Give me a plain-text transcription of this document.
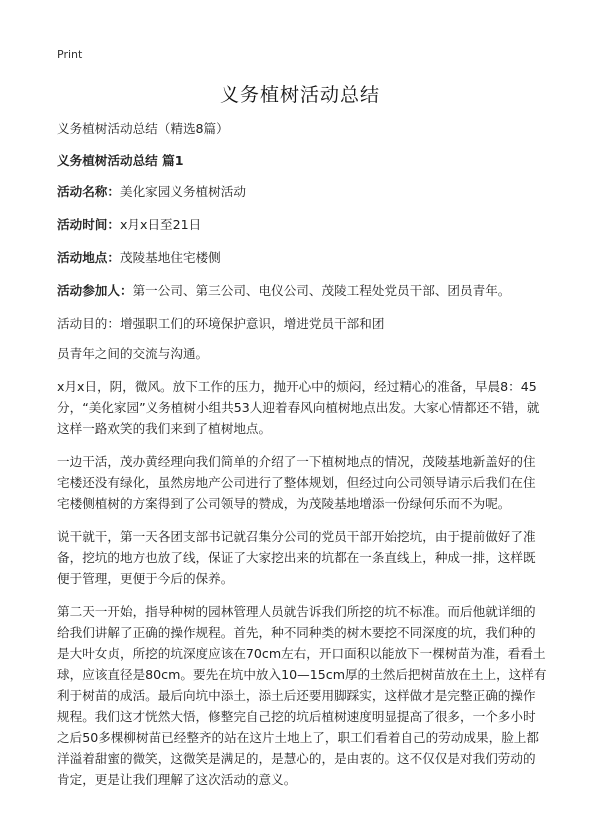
Print
义务植树活动总结

义务植树活动总结（精选8篇）

义务植树活动总结 篇1

活动名称：美化家园义务植树活动

活动时间：x月x日至21日

活动地点：茂陵基地住宅楼侧

活动参加人：第一公司、第三公司、电仪公司、茂陵工程处党员干部、团员青年。

活动目的：增强职工们的环境保护意识，增进党员干部和团

员青年之间的交流与沟通。

x月x日，阴，微风。放下工作的压力，抛开心中的烦闷，经过精心的准备，早晨8：45分，“美化家园”义务植树小组共53人迎着春风向植树地点出发。大家心情都还不错，就这样一路欢笑的我们来到了植树地点。

一边干活，茂办黄经理向我们简单的介绍了一下植树地点的情况，茂陵基地新盖好的住宅楼还没有绿化，虽然房地产公司进行了整体规划，但经过向公司领导请示后我们在住宅楼侧植树的方案得到了公司领导的赞成，为茂陵基地增添一份绿何乐而不为呢。

说干就干，第一天各团支部书记就召集分公司的党员干部开始挖坑，由于提前做好了准备，挖坑的地方也放了线，保证了大家挖出来的坑都在一条直线上，种成一排，这样既便于管理，更便于今后的保养。

第二天一开始，指导种树的园林管理人员就告诉我们所挖的坑不标准。而后他就详细的给我们讲解了正确的操作规程。首先，种不同种类的树木要挖不同深度的坑，我们种的是大叶女贞，所挖的坑深度应该在70cm左右，开口面积以能放下一棵树苗为准，看看土球，应该直径是80cm。要先在坑中放入10—15cm厚的土然后把树苗放在土上，这样有利于树苗的成活。最后向坑中添土，添土后还要用脚踩实，这样做才是完整正确的操作规程。我们这才恍然大悟，修整完自己挖的坑后植树速度明显提高了很多，一个多小时之后50多棵柳树苗已经整齐的站在这片土地上了，职工们看着自己的劳动成果，脸上都洋溢着甜蜜的微笑，这微笑是满足的，是慧心的，是由衷的。这不仅仅是对我们劳动的肯定，更是让我们理解了这次活动的意义。
